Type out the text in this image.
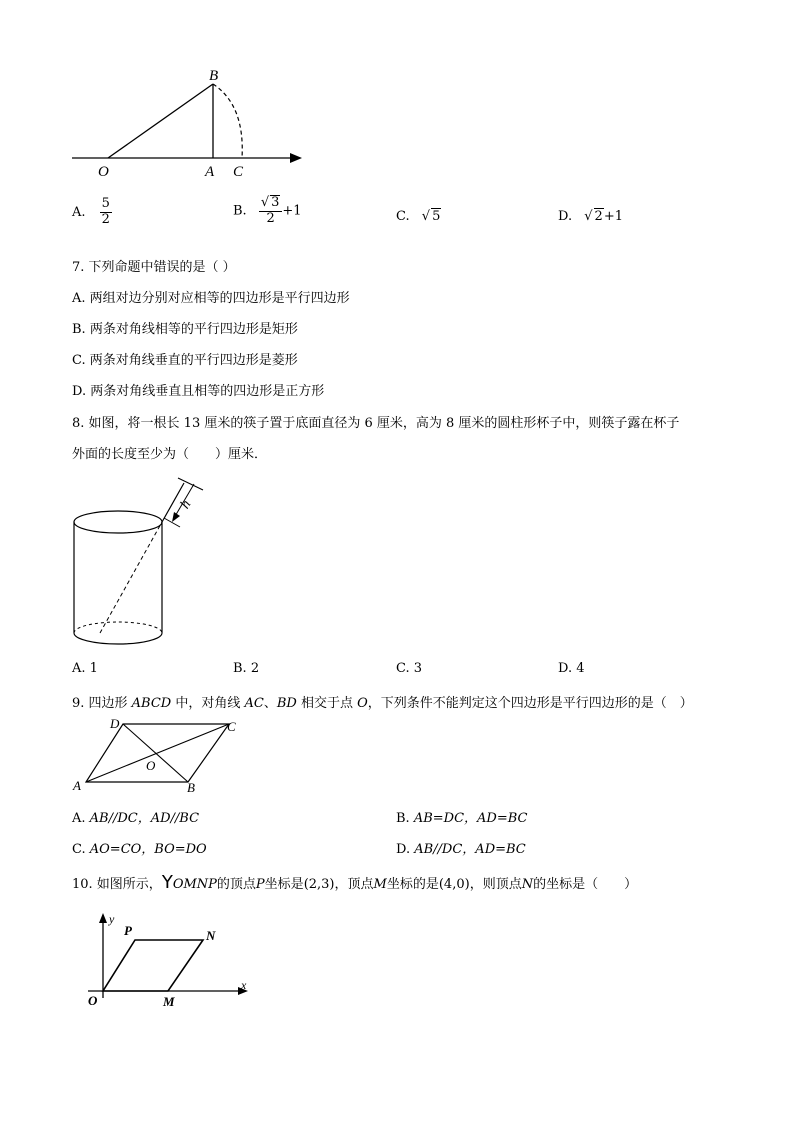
B
O	A C
A. $\frac{5}{2}$	B. $\frac{√ 3}{2} +1$	C. √ 5	D. √ 2+1
7. 下列命题中错误的是（ ）
A. 两组对边分别对应相等的四边形是平行四边形
B. 两条对角线相等的平行四边形是矩形
C. 两条对角线垂直的平行四边形是菱形
D. 两条对角线垂直且相等的四边形是正方形
8. 如图，将一根长 13 厘米的筷子置于底面直径为 6 厘米，高为 8 厘米的圆柱形杯子中，则筷子露在杯子
外面的长度至少为（　　）厘米．
h
A. 1	B. 2	C. 3	D. 4
9. 四边形 ABCD 中，对角线 AC、BD 相交于点 O，下列条件不能判定这个四边形是平行四边形的是（　）
D	C
O
A	B
A. AB//DC，AD//BC	B. AB=DC，AD=BC
C. AO=CO，BO=DO	D. AB//DC，AD=BC
10. 如图所示，YOMNP的顶点P坐标是(2,3)，顶点M坐标的是(4,0)，则顶点N的坐标是（　　）
y
x
P	N
O	M
